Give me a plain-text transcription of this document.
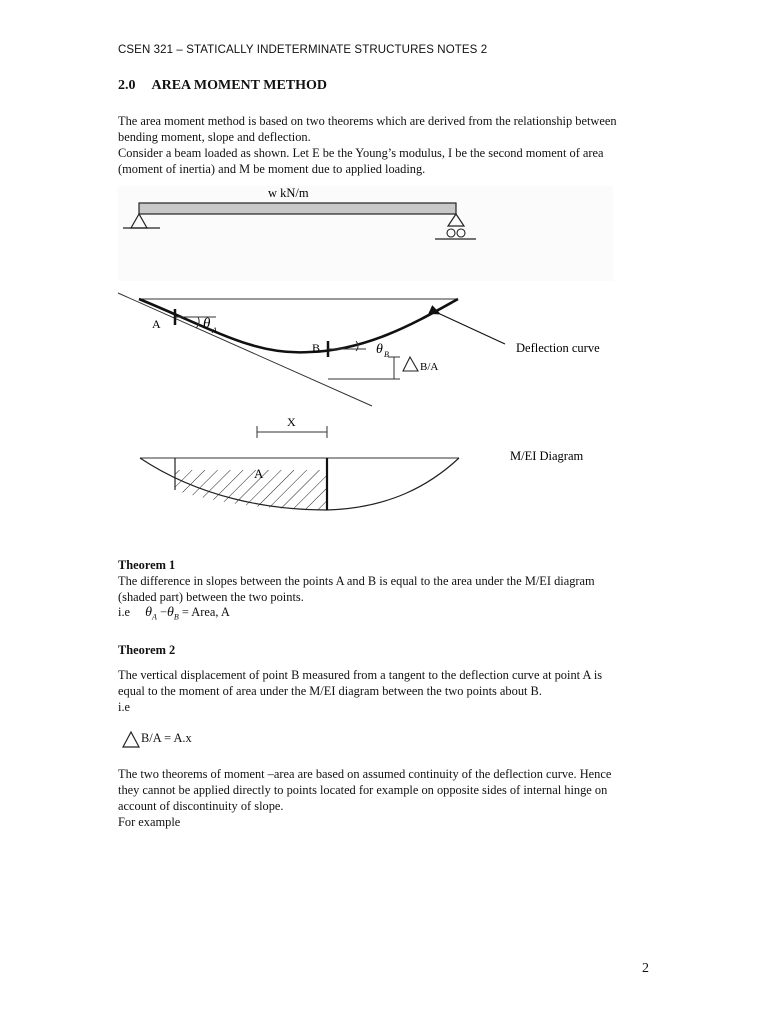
CSEN 321 – STATICALLY INDETERMINATE STRUCTURES NOTES 2
2.0 AREA MOMENT METHOD
The area moment method is based on two theorems which are derived from the relationship between
bending moment, slope and deflection.
Consider a beam loaded as shown. Let E be the Young’s modulus, I be the second moment of area
(moment of inertia) and M be moment due to applied loading.
w kN/m
A
B
θ A
θ B
B/A
Deflection curve
X
A
M/EI Diagram
Theorem 1
The difference in slopes between the points A and B is equal to the area under the M/EI diagram
(shaded part) between the two points.
i.e $\theta_A -\theta_B$ = Area, A
Theorem 2
The vertical displacement of point B measured from a tangent to the deflection curve at point A is
equal to the moment of area under the M/EI diagram between the two points about B.
i.e
B/A = A.x
The two theorems of moment –area are based on assumed continuity of the deflection curve. Hence
they cannot be applied directly to points located for example on opposite sides of internal hinge on
account of discontinuity of slope.
For example
2
